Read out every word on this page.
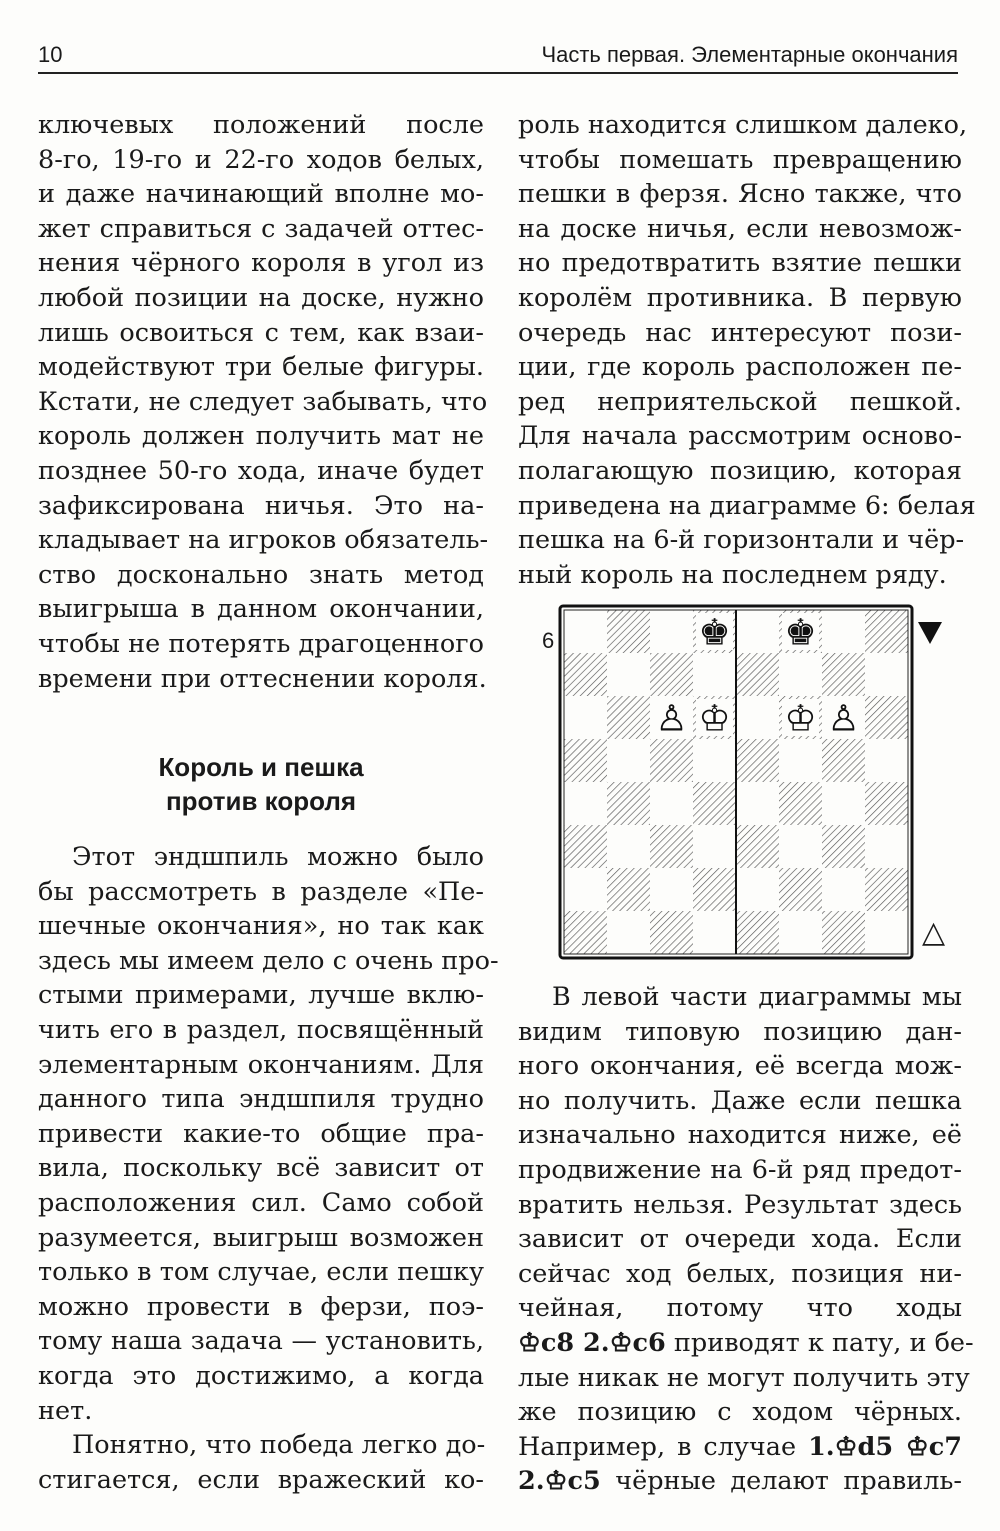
10	Часть первая. Элементарные окончания
ключевых положений после
8-го, 19-го и 22-го ходов белых,
и даже начинающий вполне мо-
жет справиться с задачей оттес-
нения чёрного короля в угол из
любой позиции на доске, нужно
лишь освоиться с тем, как взаи-
модействуют три белые фигуры.
Кстати, не следует забывать, что
король должен получить мат не
позднее 50-го хода, иначе будет
зафиксирована ничья. Это на-
кладывает на игроков обязатель-
ство досконально знать метод
выигрыша в данном окончании,
чтобы не потерять драгоценного
времени при оттеснении короля.
Король и пешка
против короля
Этот эндшпиль можно было
бы рассмотреть в разделе «Пе-
шечные окончания», но так как
здесь мы имеем дело с очень про-
стыми примерами, лучше вклю-
чить его в раздел, посвящённый
элементарным окончаниям. Для
данного типа эндшпиля трудно
привести какие-то общие пра-
вила, поскольку всё зависит от
расположения сил. Само собой
разумеется, выигрыш возможен
только в том случае, если пешку
можно провести в ферзи, поэ-
тому наша задача — установить,
когда это достижимо, а когда
нет.
Понятно, что победа легко до-
стигается, если вражеский ко-
роль находится слишком далеко,
чтобы помешать превращению
пешки в ферзя. Ясно также, что
на доске ничья, если невозмож-
но предотвратить взятие пешки
королём противника. В первую
очередь нас интересуют пози-
ции, где король расположен пе-
ред неприятельской пешкой.
Для начала рассмотрим осново-
полагающую позицию, которая
приведена на диаграмме 6: белая
пешка на 6-й горизонтали и чёр-
ный король на последнем ряду.
6	♚
♙ ♔
♚
♔ ♙
△
В левой части диаграммы мы
видим типовую позицию дан-
ного окончания, её всегда мож-
но получить. Даже если пешка
изначально находится ниже, её
продвижение на 6-й ряд предот-
вратить нельзя. Результат здесь
зависит от очереди хода. Если
сейчас ход белых, позиция ни-
чейная, потому что ходы
♔c8 2.♔c6 приводят к пату, и бе-
лые никак не могут получить эту
же позицию с ходом чёрных.
Например, в случае 1.♔d5 ♔c7
2.♔c5 чёрные делают правиль-
